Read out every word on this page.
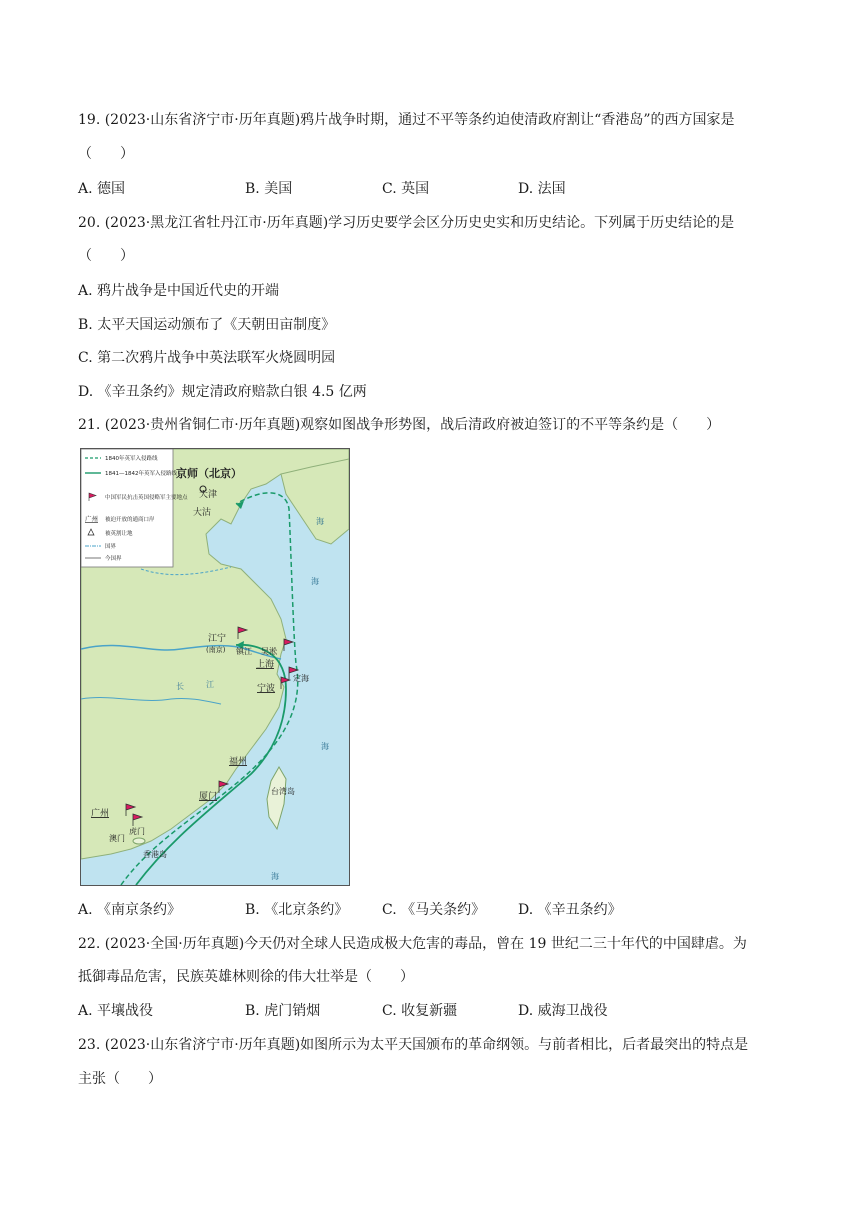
19. (2023·山东省济宁市·历年真题)鸦片战争时期，通过不平等条约迫使清政府割让“香港岛”的西方国家是
（　　）
A. 德国	B. 美国	C. 英国	D. 法国
20. (2023·黑龙江省牡丹江市·历年真题)学习历史要学会区分历史史实和历史结论。下列属于历史结论的是
（　　）
A. 鸦片战争是中国近代史的开端
B. 太平天国运动颁布了《天朝田亩制度》
C. 第二次鸦片战争中英法联军火烧圆明园
D. 《辛丑条约》规定清政府赔款白银 4.5 亿两
21. (2023·贵州省铜仁市·历年真题)观察如图战争形势图，战后清政府被迫签订的不平等条约是（　　）
海
海
海
海
长	江
京师（北京）
天津
大沽
江宁
(南京) 镇江 吴淞
上海
定海
宁波
福州
厦门
台湾岛
广州
虎门
澳门
香港岛
1840年英军入侵路线
1841—1842年英军入侵路线
中国军民抗击英国侵略军主要地点
广州 被迫开放的通商口岸
被英割让地
国界
今国界
A. 《南京条约》	B. 《北京条约》 C. 《马关条约》 D. 《辛丑条约》
22. (2023·全国·历年真题)今天仍对全球人民造成极大危害的毒品，曾在 19 世纪二三十年代的中国肆虐。为
抵御毒品危害，民族英雄林则徐的伟大壮举是（　　）
A. 平壤战役	B. 虎门销烟	C. 收复新疆	D. 威海卫战役
23. (2023·山东省济宁市·历年真题)如图所示为太平天国颁布的革命纲领。与前者相比，后者最突出的特点是
主张（　　）
